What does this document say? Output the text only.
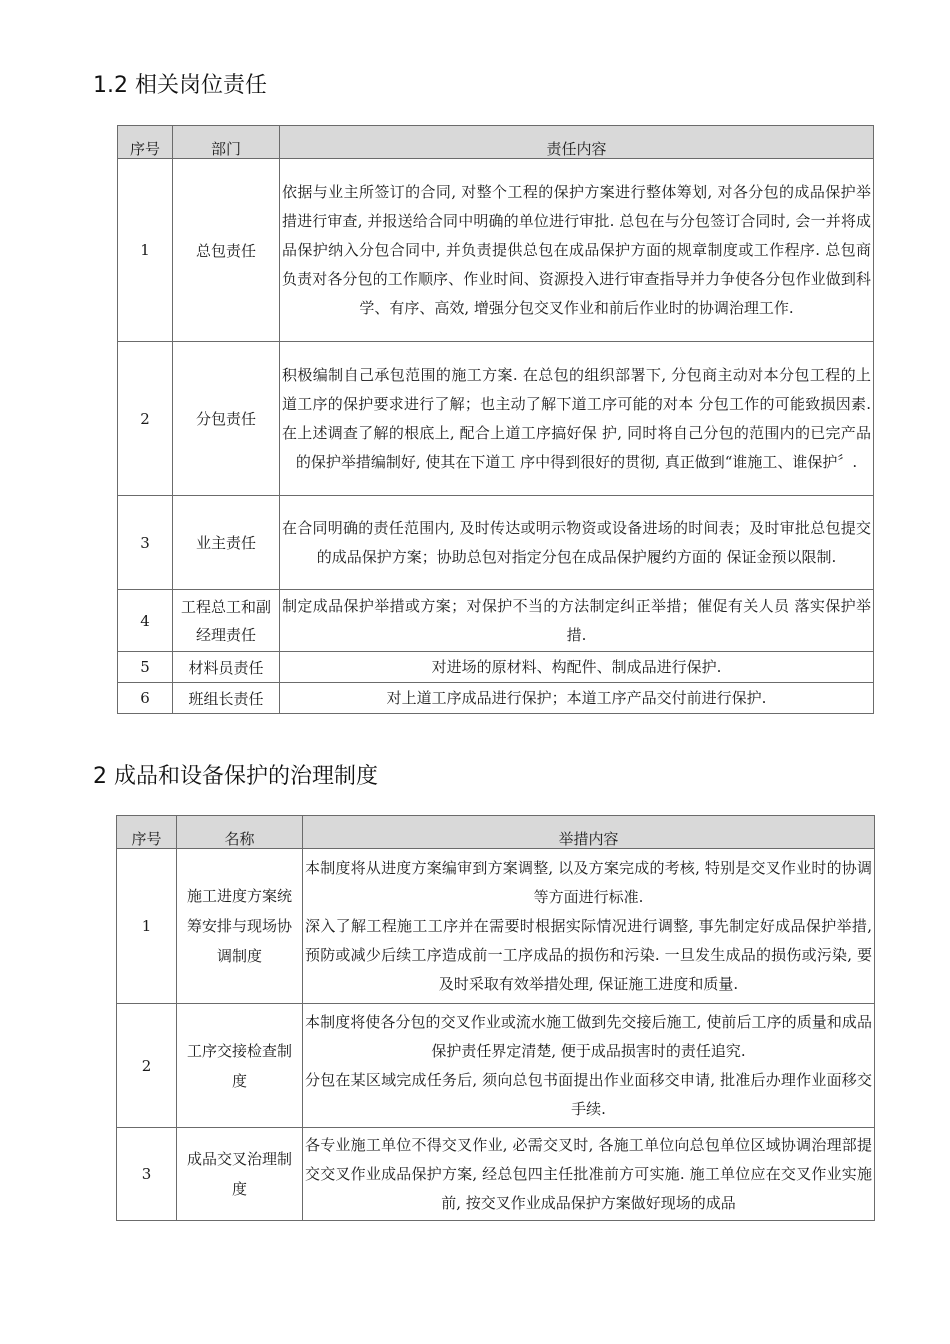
1.2 相关岗位责任
序号	部门	责任内容
1	总包责任	依据与业主所签订的合同, 对整个工程的保护方案进行整体筹划, 对各分包的成品保护举措进行审查, 并报送给合同中明确的单位进行审批. 总包在与分包签订合同时, 会一并将成品保护纳入分包合同中, 并负责提供总包在成品保护方面的规章制度或工作程序. 总包商负责对各分包的工作顺序、作业时间、资源投入进行审查指导并力争使各分包作业做到科学、有序、高效, 增强分包交叉作业和前后作业时的协调治理工作.
2	分包责任	积极编制自己承包范围的施工方案. 在总包的组织部署下, 分包商主动对本分包工程的上道工序的保护要求进行了解；也主动了解下道工序可能的对本 分包工作的可能致损因素. 在上述调查了解的根底上, 配合上道工序搞好保 护, 同时将自己分包的范围内的已完产品的保护举措编制好, 使其在下道工 序中得到很好的贯彻, 真正做到“谁施工、谁保护〞.
3	业主责任	在合同明确的责任范围内, 及时传达或明示物资或设备进场的时间表；及时审批总包提交的成品保护方案；协助总包对指定分包在成品保护履约方面的 保证金预以限制.
4	工程总工和副经理责任	制定成品保护举措或方案；对保护不当的方法制定纠正举措；催促有关人员 落实保护举措.
5	材料员责任	对进场的原材料、构配件、制成品进行保护.
6	班组长责任	对上道工序成品进行保护；本道工序产品交付前进行保护.
2 成品和设备保护的治理制度
序号	名称	举措内容
1	施工进度方案统 筹安排与现场协 调制度	本制度将从进度方案编审到方案调整, 以及方案完成的考核, 特别是交叉作业时的协调等方面进行标准.

深入了解工程施工工序并在需要时根据实际情况进行调整, 事先制定好成品保护举措, 预防或减少后续工序造成前一工序成品的损伤和污染. 一旦发生成品的损伤或污染, 要及时采取有效举措处理, 保证施工进度和质量.

2	工序交接检查制 度	本制度将使各分包的交叉作业或流水施工做到先交接后施工, 使前后工序的质量和成品保护责任界定清楚, 便于成品损害时的责任追究.

分包在某区域完成任务后, 须向总包书面提出作业面移交申请, 批准后办理作业面移交手续.

3	成品交叉治理制 度	各专业施工单位不得交叉作业, 必需交叉时, 各施工单位向总包单位区域协调治理部提交交叉作业成品保护方案, 经总包四主任批准前方可实施. 施工单位应在交叉作业实施前, 按交叉作业成品保护方案做好现场的成品
